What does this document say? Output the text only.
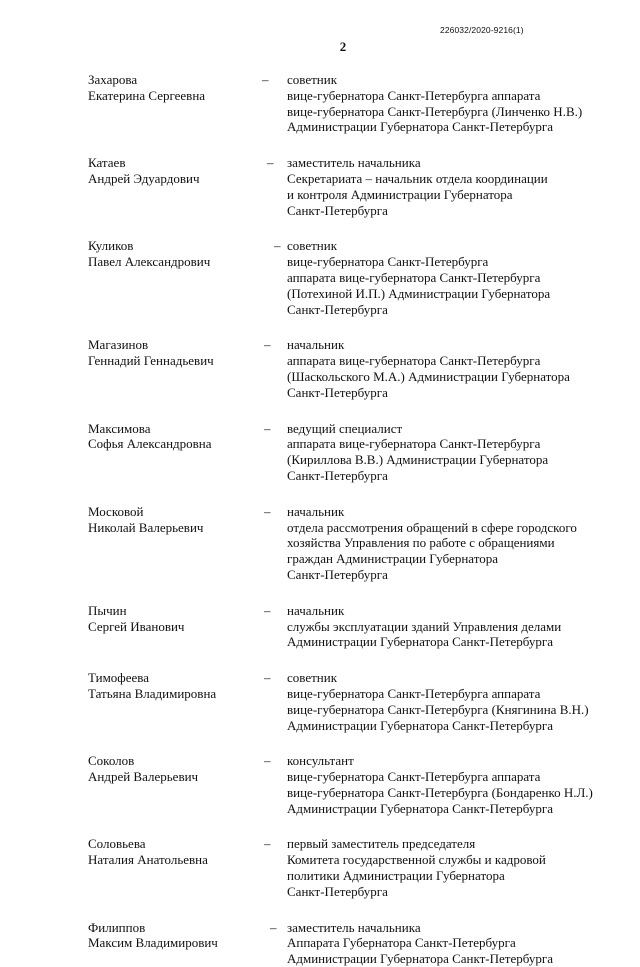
226032/2020-9216(1)
2
Захарова
Екатерина Сергеевна
– советник
вице-губернатора Санкт-Петербурга аппарата
вице-губернатора Санкт-Петербурга (Линченко Н.В.)
Администрации Губернатора Санкт-Петербурга
Катаев
Андрей Эдуардович
– заместитель начальника
Секретариата – начальник отдела координации
и контроля Администрации Губернатора
Санкт-Петербурга
Куликов
Павел Александрович
– советник
вице-губернатора Санкт-Петербурга
аппарата вице-губернатора Санкт-Петербурга
(Потехиной И.П.) Администрации Губернатора
Санкт-Петербурга
Магазинов
Геннадий Геннадьевич
– начальник
аппарата вице-губернатора Санкт-Петербурга
(Шаскольского М.А.) Администрации Губернатора
Санкт-Петербурга
Максимова
Софья Александровна
– ведущий специалист
аппарата вице-губернатора Санкт-Петербурга
(Кириллова В.В.) Администрации Губернатора
Санкт-Петербурга
Московой
Николай Валерьевич
– начальник
отдела рассмотрения обращений в сфере городского
хозяйства Управления по работе с обращениями
граждан Администрации Губернатора
Санкт-Петербурга
Пычин
Сергей Иванович
– начальник
службы эксплуатации зданий Управления делами
Администрации Губернатора Санкт-Петербурга
Тимофеева
Татьяна Владимировна
– советник
вице-губернатора Санкт-Петербурга аппарата
вице-губернатора Санкт-Петербурга (Княгинина В.Н.)
Администрации Губернатора Санкт-Петербурга
Соколов
Андрей Валерьевич
– консультант
вице-губернатора Санкт-Петербурга аппарата
вице-губернатора Санкт-Петербурга (Бондаренко Н.Л.)
Администрации Губернатора Санкт-Петербурга
Соловьева
Наталия Анатольевна
– первый заместитель председателя
Комитета государственной службы и кадровой
политики Администрации Губернатора
Санкт-Петербурга
Филиппов
Максим Владимирович
– заместитель начальника
Аппарата Губернатора Санкт-Петербурга
Администрации Губернатора Санкт-Петербурга
